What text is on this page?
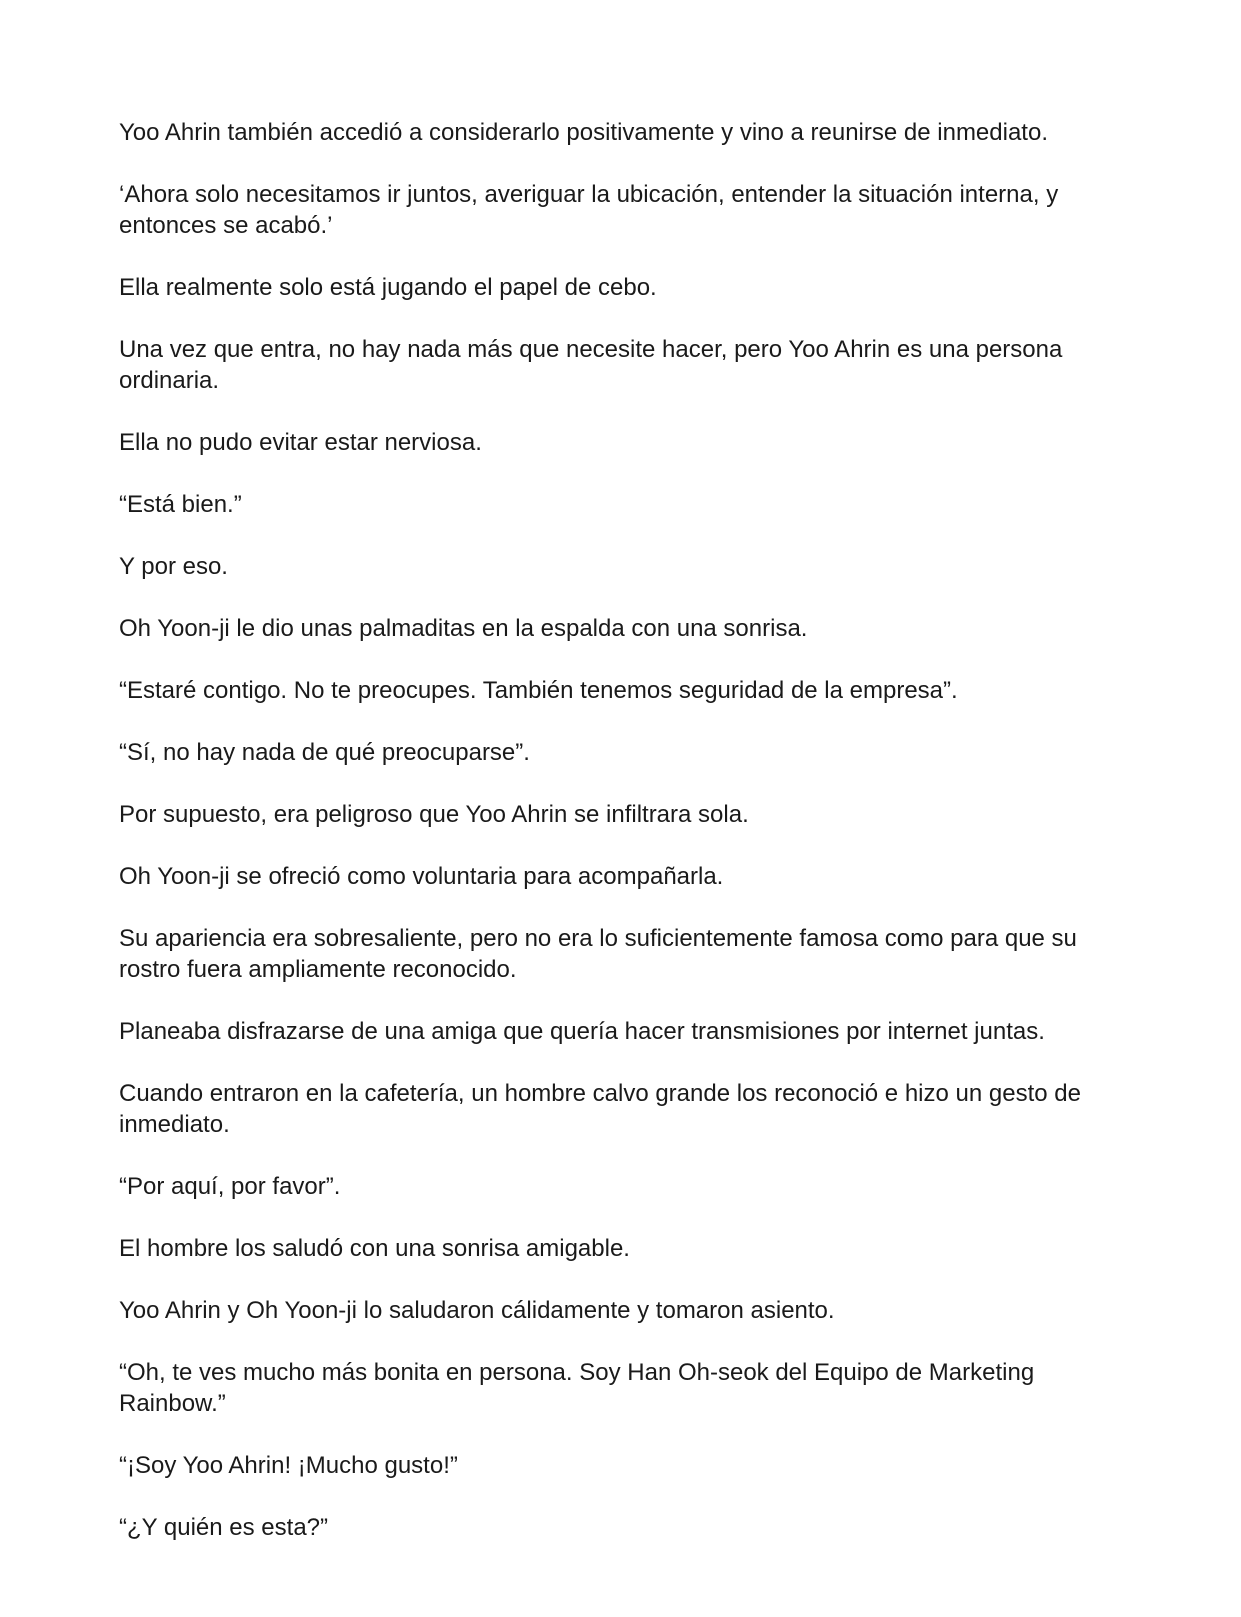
Yoo Ahrin también accedió a considerarlo positivamente y vino a reunirse de inmediato.

‘Ahora solo necesitamos ir juntos, averiguar la ubicación, entender la situación interna, y entonces se acabó.’

Ella realmente solo está jugando el papel de cebo.

Una vez que entra, no hay nada más que necesite hacer, pero Yoo Ahrin es una persona ordinaria.

Ella no pudo evitar estar nerviosa.

“Está bien.”

Y por eso.

Oh Yoon-ji le dio unas palmaditas en la espalda con una sonrisa.

“Estaré contigo. No te preocupes. También tenemos seguridad de la empresa”.

“Sí, no hay nada de qué preocuparse”.

Por supuesto, era peligroso que Yoo Ahrin se infiltrara sola.

Oh Yoon-ji se ofreció como voluntaria para acompañarla.

Su apariencia era sobresaliente, pero no era lo suficientemente famosa como para que su rostro fuera ampliamente reconocido.

Planeaba disfrazarse de una amiga que quería hacer transmisiones por internet juntas.

Cuando entraron en la cafetería, un hombre calvo grande los reconoció e hizo un gesto de inmediato.

“Por aquí, por favor”.

El hombre los saludó con una sonrisa amigable.

Yoo Ahrin y Oh Yoon-ji lo saludaron cálidamente y tomaron asiento.

“Oh, te ves mucho más bonita en persona. Soy Han Oh-seok del Equipo de Marketing Rainbow.”

“¡Soy Yoo Ahrin! ¡Mucho gusto!”

“¿Y quién es esta?”
